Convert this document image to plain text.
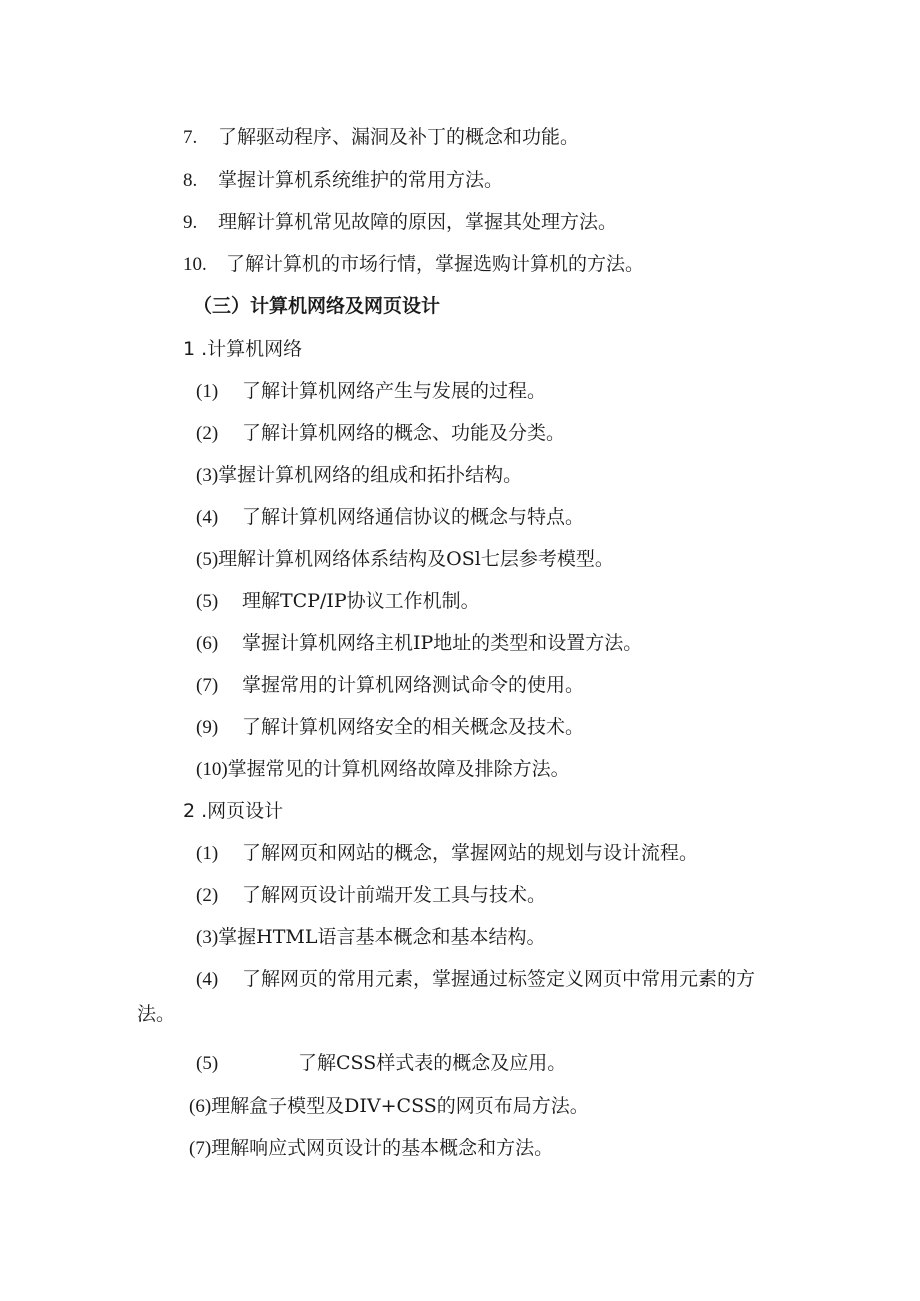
7. 了解驱动程序、漏洞及补丁的概念和功能。
8. 掌握计算机系统维护的常用方法。
9. 理解计算机常见故障的原因，掌握其处理方法。
10. 了解计算机的市场行情，掌握选购计算机的方法。
（三）计算机网络及网页设计
1 .计算机网络
(1) 了解计算机网络产生与发展的过程。
(2) 了解计算机网络的概念、功能及分类。
(3)掌握计算机网络的组成和拓扑结构。
(4) 了解计算机网络通信协议的概念与特点。
(5)理解计算机网络体系结构及OSl七层参考模型。
(5) 理解TCP/IP协议工作机制。
(6) 掌握计算机网络主机IP地址的类型和设置方法。
(7) 掌握常用的计算机网络测试命令的使用。
(9) 了解计算机网络安全的相关概念及技术。
(10)掌握常见的计算机网络故障及排除方法。
2 .网页设计
(1) 了解网页和网站的概念，掌握网站的规划与设计流程。
(2) 了解网页设计前端开发工具与技术。
(3)掌握HTML语言基本概念和基本结构。
(4) 了解网页的常用元素，掌握通过标签定义网页中常用元素的方
法。
(5)	了解CSS样式表的概念及应用。
(6)理解盒子模型及DIV+CSS的网页布局方法。
(7)理解响应式网页设计的基本概念和方法。
